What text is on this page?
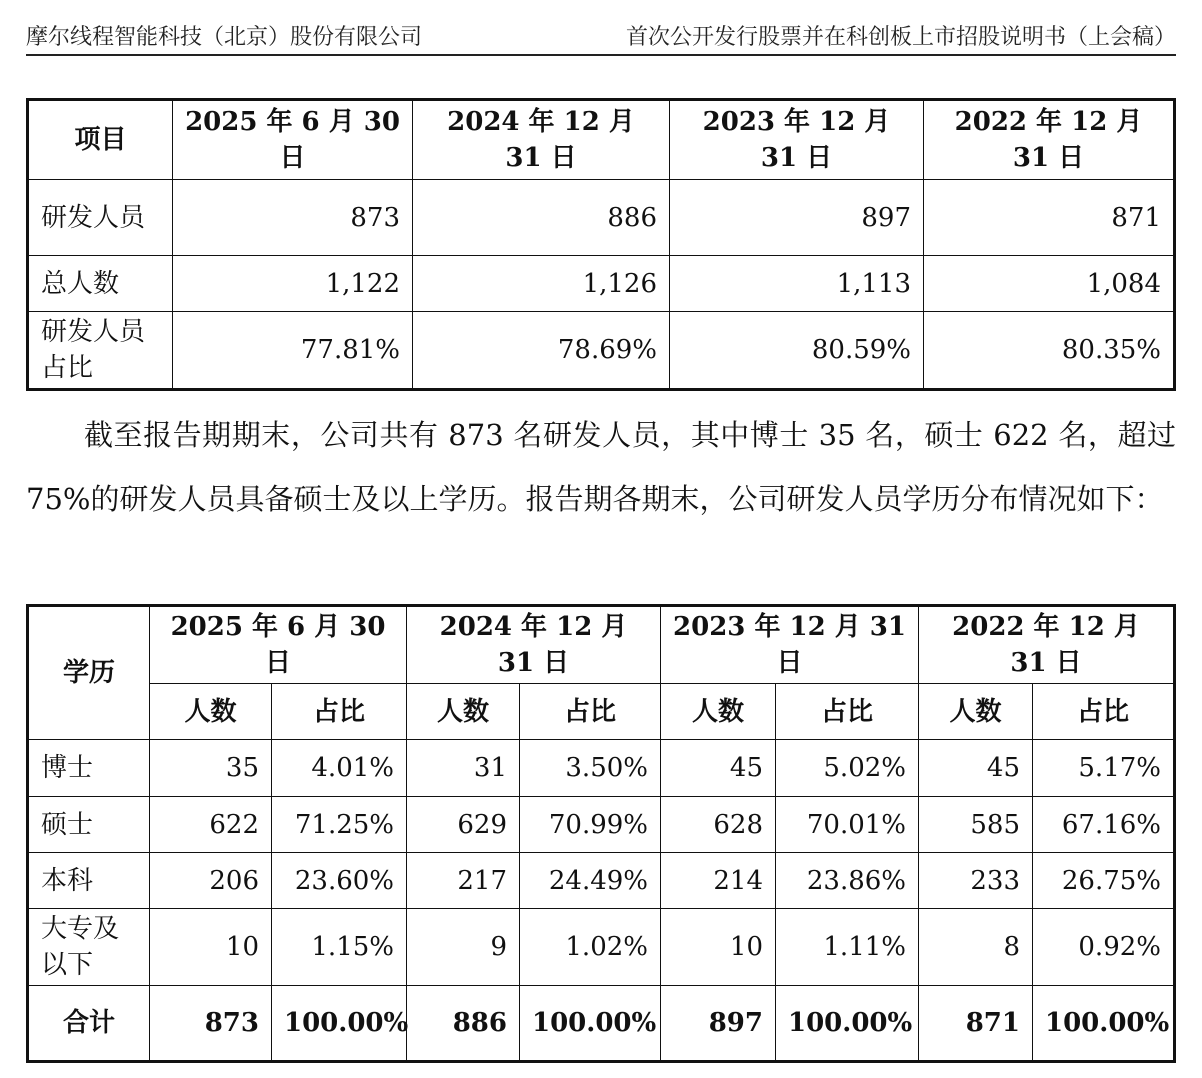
摩尔线程智能科技（北京）股份有限公司	首次公开发行股票并在科创板上市招股说明书（上会稿）
项目	2025 年 6 月 30 日	2024 年 12 月 31 日	2023 年 12 月 31 日	2022 年 12 月 31 日
研发人员	873	886	897	871
总人数	1,122	1,126	1,113	1,084
研发人员占比	77.81%	78.69%	80.59%	80.35%

截至报告期期末，公司共有 873 名研发人员，其中博士 35 名，硕士 622 名，超过 75%的研发人员具备硕士及以上学历。报告期各期末，公司研发人员学历分布情况如下：

学历	2025 年 6 月 30 日		2024 年 12 月 31 日		2023 年 12 月 31 日		2022 年 12 月 31 日	
	人数	占比	人数	占比	人数	占比	人数	占比
博士	35	4.01%	31	3.50%	45	5.02%	45	5.17%
硕士	622	71.25%	629	70.99%	628	70.01%	585	67.16%
本科	206	23.60%	217	24.49%	214	23.86%	233	26.75%
大专及以下	10	1.15%	9	1.02%	10	1.11%	8	0.92%
合计	873	100.00%	886	100.00%	897	100.00%	871	100.00%
